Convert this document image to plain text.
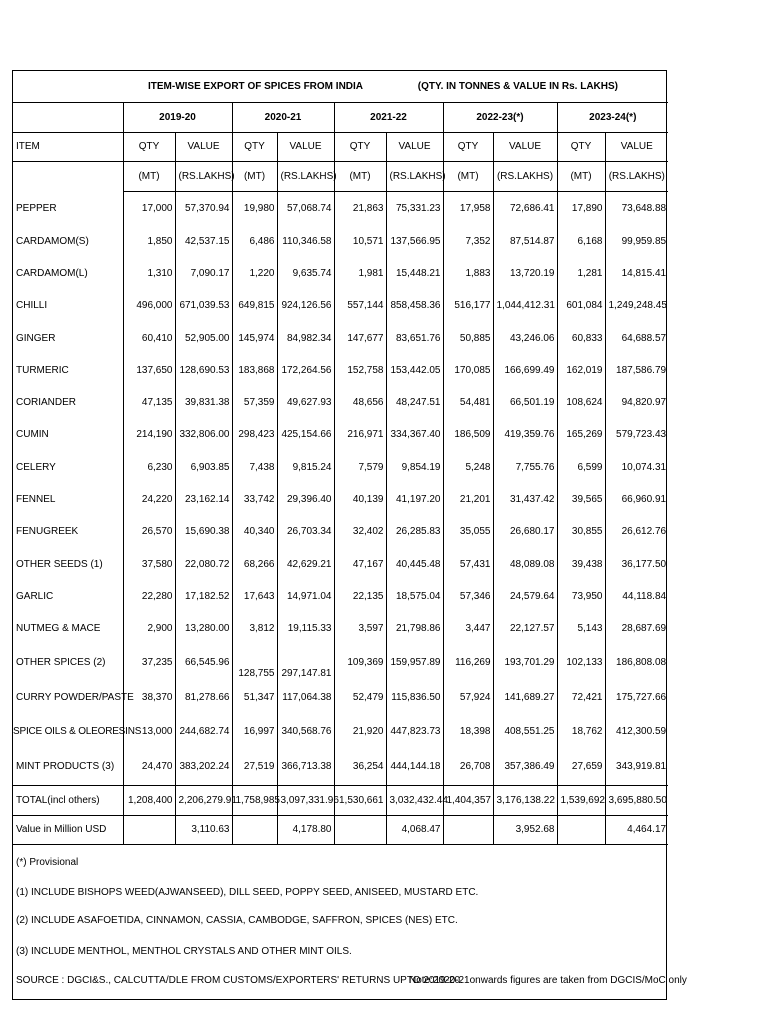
ITEM-WISE EXPORT OF SPICES FROM INDIA (QTY. IN TONNES & VALUE IN Rs. LAKHS)										
	2019-20		2020-21		2021-22		2022-23(*)		2023-24(*)	
ITEM	QTY	VALUE	QTY	VALUE	QTY	VALUE	QTY	VALUE	QTY	VALUE
	(MT)	(RS.LAKHS)	(MT)	(RS.LAKHS)	(MT)	(RS.LAKHS)	(MT)	(RS.LAKHS)	(MT)	(RS.LAKHS)
PEPPER	17,000	57,370.94	19,980	57,068.74	21,863	75,331.23	17,958	72,686.41	17,890	73,648.88
CARDAMOM(S)	1,850	42,537.15	6,486	110,346.58	10,571	137,566.95	7,352	87,514.87	6,168	99,959.85
CARDAMOM(L)	1,310	7,090.17	1,220	9,635.74	1,981	15,448.21	1,883	13,720.19	1,281	14,815.41
CHILLI	496,000	671,039.53	649,815	924,126.56	557,144	858,458.36	516,177	1,044,412.31	601,084	1,249,248.45
GINGER	60,410	52,905.00	145,974	84,982.34	147,677	83,651.76	50,885	43,246.06	60,833	64,688.57
TURMERIC	137,650	128,690.53	183,868	172,264.56	152,758	153,442.05	170,085	166,699.49	162,019	187,586.79
CORIANDER	47,135	39,831.38	57,359	49,627.93	48,656	48,247.51	54,481	66,501.19	108,624	94,820.97
CUMIN	214,190	332,806.00	298,423	425,154.66	216,971	334,367.40	186,509	419,359.76	165,269	579,723.43
CELERY	6,230	6,903.85	7,438	9,815.24	7,579	9,854.19	5,248	7,755.76	6,599	10,074.31
FENNEL	24,220	23,162.14	33,742	29,396.40	40,139	41,197.20	21,201	31,437.42	39,565	66,960.91
FENUGREEK	26,570	15,690.38	40,340	26,703.34	32,402	26,285.83	35,055	26,680.17	30,855	26,612.76
OTHER SEEDS (1)	37,580	22,080.72	68,266	42,629.21	47,167	40,445.48	57,431	48,089.08	39,438	36,177.50
GARLIC	22,280	17,182.52	17,643	14,971.04	22,135	18,575.04	57,346	24,579.64	73,950	44,118.84
NUTMEG & MACE	2,900	13,280.00	3,812	19,115.33	3,597	21,798.86	3,447	22,127.57	5,143	28,687.69
OTHER SPICES (2)	37,235	66,545.96	128,755	297,147.81	109,369	159,957.89	116,269	193,701.29	102,133	186,808.08
CURRY POWDER/PASTE	38,370	81,278.66	51,347	117,064.38	52,479	115,836.50	57,924	141,689.27	72,421	175,727.66
SPICE OILS & OLEORESINS	13,000	244,682.74	16,997	340,568.76	21,920	447,823.73	18,398	408,551.25	18,762	412,300.59
MINT PRODUCTS (3)	24,470	383,202.24	27,519	366,713.38	36,254	444,144.18	26,708	357,386.49	27,659	343,919.81
TOTAL(incl others)	1,208,400	2,206,279.91	1,758,985	3,097,331.96	1,530,661	3,032,432.44	1,404,357	3,176,138.22	1,539,692	3,695,880.50
Value in Million USD		3,110.63		4,178.80		4,068.47		3,952.68		4,464.17
(*) Provisional
(1) INCLUDE BISHOPS WEED(AJWANSEED), DILL SEED, POPPY SEED, ANISEED, MUSTARD ETC.
(2) INCLUDE ASAFOETIDA, CINNAMON, CASSIA, CAMBODGE, SAFFRON, SPICES (NES) ETC.
(3) INCLUDE MENTHOL, MENTHOL CRYSTALS AND OTHER MINT OILS.
SOURCE : DGCI&S., CALCUTTA/DLE FROM CUSTOMS/EXPORTERS' RETURNS UPTO 2019-20.
Note:2020-21onwards figures are taken from DGCIS/MoC only
